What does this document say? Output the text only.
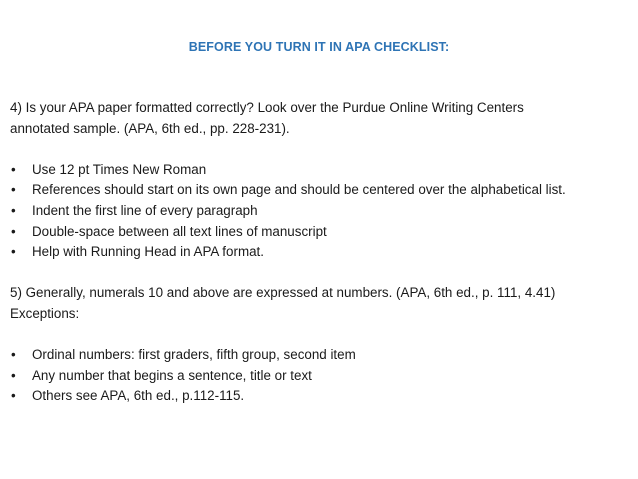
BEFORE YOU TURN IT IN APA CHECKLIST:

4) Is your APA paper formatted correctly? Look over the Purdue Online Writing Centers

annotated sample. (APA, 6th ed., pp. 228-231).

• Use 12 pt Times New Roman
• References should start on its own page and should be centered over the alphabetical list.
• Indent the first line of every paragraph
• Double-space between all text lines of manuscript
• Help with Running Head in APA format.

5) Generally, numerals 10 and above are expressed at numbers. (APA, 6th ed., p. 111, 4.41)

Exceptions:

• Ordinal numbers: first graders, fifth group, second item
• Any number that begins a sentence, title or text
• Others see APA, 6th ed., p.112-115.
